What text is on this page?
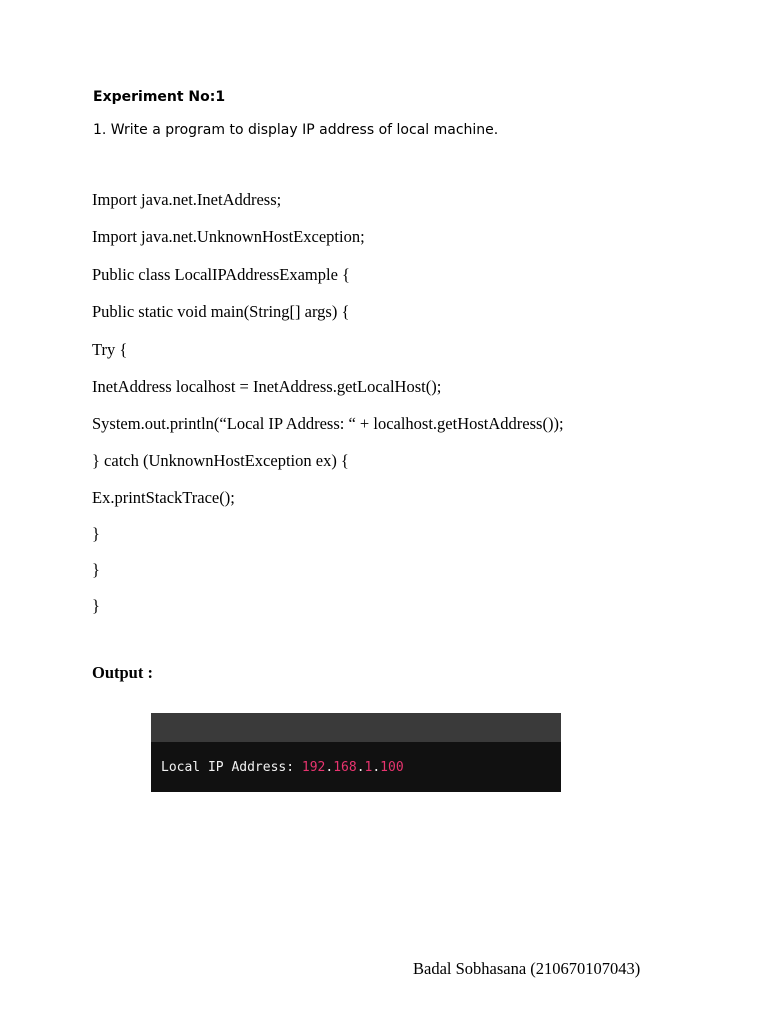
Experiment No:1
1. Write a program to display IP address of local machine.
Import java.net.InetAddress;
Import java.net.UnknownHostException;
Public class LocalIPAddressExample {
Public static void main(String[] args) {
Try {
InetAddress localhost = InetAddress.getLocalHost();
System.out.println(“Local IP Address: “ + localhost.getHostAddress());
} catch (UnknownHostException ex) {
Ex.printStackTrace();
}
}
}
Output :
Local IP Address: 192.168.1.100
Badal Sobhasana (210670107043)
